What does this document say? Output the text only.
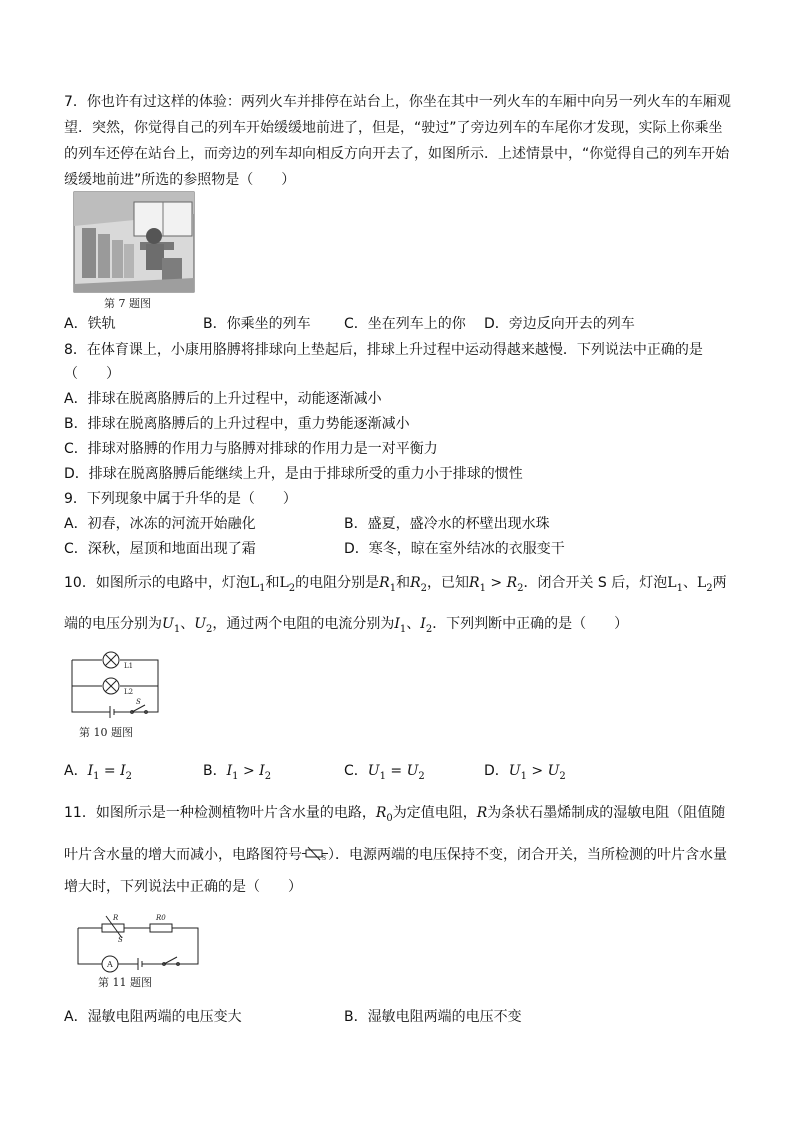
7．你也许有过这样的体验：两列火车并排停在站台上，你坐在其中一列火车的车厢中向另一列火车的车厢观
望．突然，你觉得自己的列车开始缓缓地前进了，但是，“驶过”了旁边列车的车尾你才发现，实际上你乘坐
的列车还停在站台上，而旁边的列车却向相反方向开去了，如图所示．上述情景中，“你觉得自己的列车开始
缓缓地前进”所选的参照物是（　　）
第 7 题图
A．铁轨	B．你乘坐的列车 C．坐在列车上的你 D．旁边反向开去的列车
8．在体育课上，小康用胳膊将排球向上垫起后，排球上升过程中运动得越来越慢．下列说法中正确的是
（　　）
A．排球在脱离胳膊后的上升过程中，动能逐渐减小
B．排球在脱离胳膊后的上升过程中，重力势能逐渐减小
C．排球对胳膊的作用力与胳膊对排球的作用力是一对平衡力
D．排球在脱离胳膊后能继续上升，是由于排球所受的重力小于排球的惯性
9．下列现象中属于升华的是（　　）
A．初春，冰冻的河流开始融化	B．盛夏，盛冷水的杯壁出现水珠
C．深秋，屋顶和地面出现了霜	D．寒冬，晾在室外结冰的衣服变干
10．如图所示的电路中，灯泡$L_1$和$L_2$的电阻分别是$R_1$和$R_2$，已知$R_1 > R_2$．闭合开关 S 后，灯泡$L_1$、$L_2$两
端的电压分别为$U_1$、$U_2$，通过两个电阻的电流分别为$I_1$、$I_2$．下列判断中正确的是（　　）
L1
L2
S
第 10 题图
A．$I_1 = I_2$	B．$I_1 > I_2$	C．$U_1 = U_2$	D．$U_1 > U_2$
11．如图所示是一种检测植物叶片含水量的电路，$R_0$为定值电阻，R为条状石墨烯制成的湿敏电阻（阻值随
叶片含水量的增大而减小，电路图符号	S ）．电源两端的电压保持不变，闭合开关，当所检测的叶片含水量
增大时，下列说法中正确的是（　　）
R	R0
S
A
第 11 题图
A．湿敏电阻两端的电压变大	B．湿敏电阻两端的电压不变
